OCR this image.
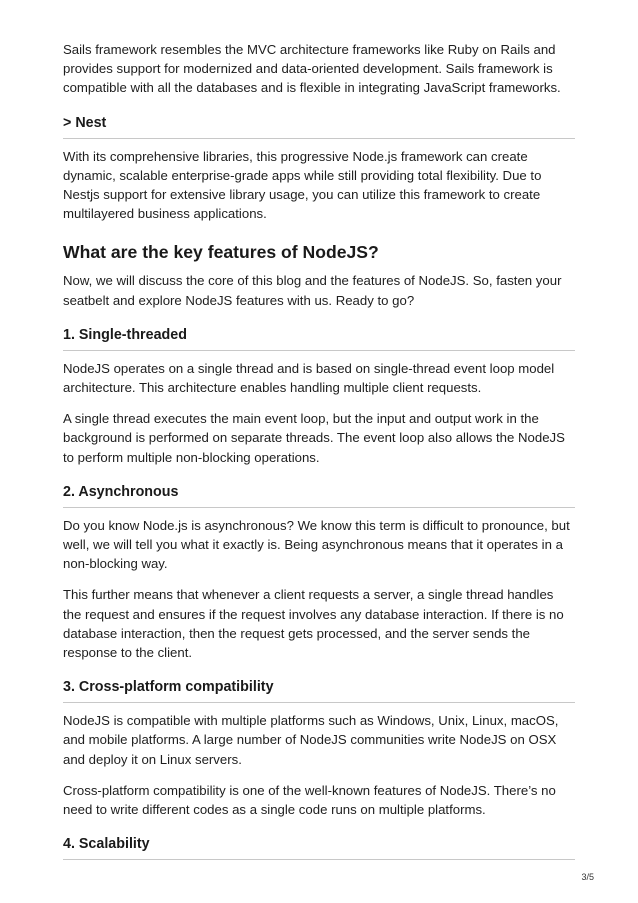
Sails framework resembles the MVC architecture frameworks like Ruby on Rails and provides support for modernized and data-oriented development. Sails framework is compatible with all the databases and is flexible in integrating JavaScript frameworks.

> Nest

With its comprehensive libraries, this progressive Node.js framework can create dynamic, scalable enterprise-grade apps while still providing total flexibility. Due to Nestjs support for extensive library usage, you can utilize this framework to create multilayered business applications.

What are the key features of NodeJS?

Now, we will discuss the core of this blog and the features of NodeJS. So, fasten your seatbelt and explore NodeJS features with us. Ready to go?

1. Single-threaded

NodeJS operates on a single thread and is based on single-thread event loop model architecture. This architecture enables handling multiple client requests.

A single thread executes the main event loop, but the input and output work in the background is performed on separate threads. The event loop also allows the NodeJS to perform multiple non-blocking operations.

2. Asynchronous

Do you know Node.js is asynchronous? We know this term is difficult to pronounce, but well, we will tell you what it exactly is. Being asynchronous means that it operates in a non-blocking way.

This further means that whenever a client requests a server, a single thread handles the request and ensures if the request involves any database interaction. If there is no database interaction, then the request gets processed, and the server sends the response to the client.

3. Cross-platform compatibility

NodeJS is compatible with multiple platforms such as Windows, Unix, Linux, macOS, and mobile platforms. A large number of NodeJS communities write NodeJS on OSX and deploy it on Linux servers.

Cross-platform compatibility is one of the well-known features of NodeJS. There’s no need to write different codes as a single code runs on multiple platforms.

4. Scalability
3/5
